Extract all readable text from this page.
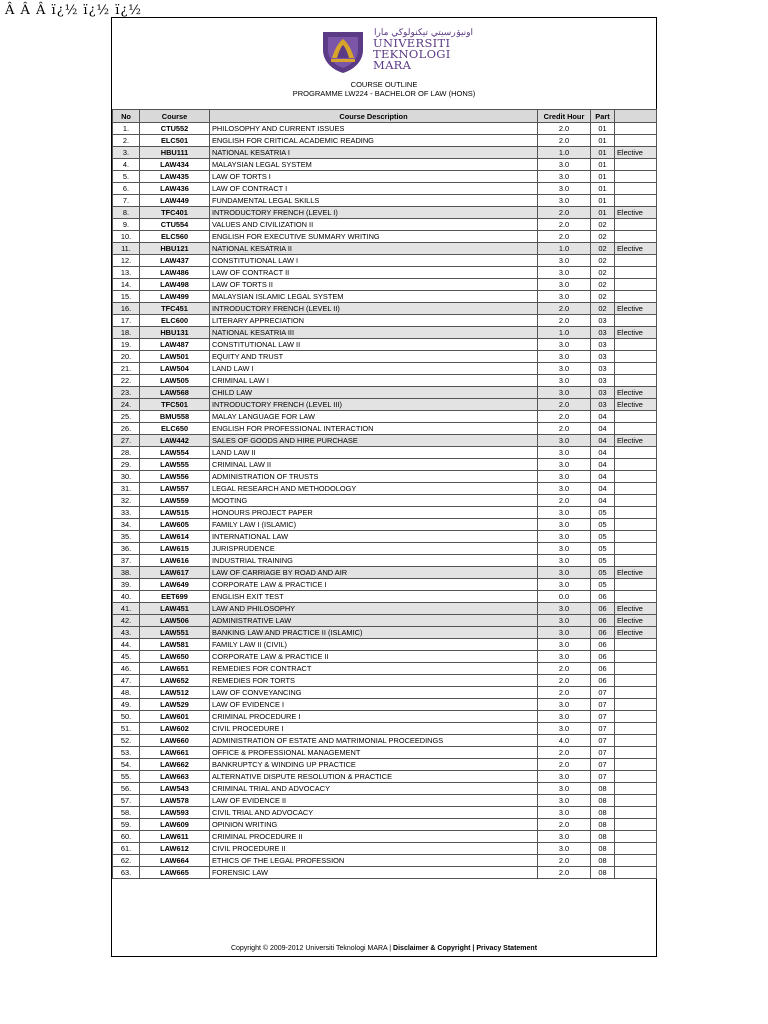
Â Â Â ï¿½ ï¿½ ï¿½
اونيۏرسيتي تيکنولوڬي مارا
UNIVERSITI
TEKNOLOGI
MARA
COURSE OUTLINE
PROGRAMME LW224 - BACHELOR OF LAW (HONS)
No	Course	Course Description	Credit Hour	Part	
1.	CTU552	PHILOSOPHY AND CURRENT ISSUES	2.0	01	
2.	ELC501	ENGLISH FOR CRITICAL ACADEMIC READING	2.0	01	
3.	HBU111	NATIONAL KESATRIA I	1.0	01	Elective
4.	LAW434	MALAYSIAN LEGAL SYSTEM	3.0	01	
5.	LAW435	LAW OF TORTS I	3.0	01	
6.	LAW436	LAW OF CONTRACT I	3.0	01	
7.	LAW449	FUNDAMENTAL LEGAL SKILLS	3.0	01	
8.	TFC401	INTRODUCTORY FRENCH (LEVEL I)	2.0	01	Elective
9.	CTU554	VALUES AND CIVILIZATION II	2.0	02	
10.	ELC560	ENGLISH FOR EXECUTIVE SUMMARY WRITING	2.0	02	
11.	HBU121	NATIONAL KESATRIA II	1.0	02	Elective
12.	LAW437	CONSTITUTIONAL LAW I	3.0	02	
13.	LAW486	LAW OF CONTRACT II	3.0	02	
14.	LAW498	LAW OF TORTS II	3.0	02	
15.	LAW499	MALAYSIAN ISLAMIC LEGAL SYSTEM	3.0	02	
16.	TFC451	INTRODUCTORY FRENCH (LEVEL II)	2.0	02	Elective
17.	ELC600	LITERARY APPRECIATION	2.0	03	
18.	HBU131	NATIONAL KESATRIA III	1.0	03	Elective
19.	LAW487	CONSTITUTIONAL LAW II	3.0	03	
20.	LAW501	EQUITY AND TRUST	3.0	03	
21.	LAW504	LAND LAW I	3.0	03	
22.	LAW505	CRIMINAL LAW I	3.0	03	
23.	LAW568	CHILD LAW	3.0	03	Elective
24.	TFC501	INTRODUCTORY FRENCH (LEVEL III)	2.0	03	Elective
25.	BMU558	MALAY LANGUAGE FOR LAW	2.0	04	
26.	ELC650	ENGLISH FOR PROFESSIONAL INTERACTION	2.0	04	
27.	LAW442	SALES OF GOODS AND HIRE PURCHASE	3.0	04	Elective
28.	LAW554	LAND LAW II	3.0	04	
29.	LAW555	CRIMINAL LAW II	3.0	04	
30.	LAW556	ADMINISTRATION OF TRUSTS	3.0	04	
31.	LAW557	LEGAL RESEARCH AND METHODOLOGY	3.0	04	
32.	LAW559	MOOTING	2.0	04	
33.	LAW515	HONOURS PROJECT PAPER	3.0	05	
34.	LAW605	FAMILY LAW I (ISLAMIC)	3.0	05	
35.	LAW614	INTERNATIONAL LAW	3.0	05	
36.	LAW615	JURISPRUDENCE	3.0	05	
37.	LAW616	INDUSTRIAL TRAINING	3.0	05	
38.	LAW617	LAW OF CARRIAGE BY ROAD AND AIR	3.0	05	Elective
39.	LAW649	CORPORATE LAW & PRACTICE I	3.0	05	
40.	EET699	ENGLISH EXIT TEST	0.0	06	
41.	LAW451	LAW AND PHILOSOPHY	3.0	06	Elective
42.	LAW506	ADMINISTRATIVE LAW	3.0	06	Elective
43.	LAW551	BANKING LAW AND PRACTICE II (ISLAMIC)	3.0	06	Elective
44.	LAW581	FAMILY LAW II (CIVIL)	3.0	06	
45.	LAW650	CORPORATE LAW & PRACTICE II	3.0	06	
46.	LAW651	REMEDIES FOR CONTRACT	2.0	06	
47.	LAW652	REMEDIES FOR TORTS	2.0	06	
48.	LAW512	LAW OF CONVEYANCING	2.0	07	
49.	LAW529	LAW OF EVIDENCE I	3.0	07	
50.	LAW601	CRIMINAL PROCEDURE I	3.0	07	
51.	LAW602	CIVIL PROCEDURE I	3.0	07	
52.	LAW660	ADMINISTRATION OF ESTATE AND MATRIMONIAL PROCEEDINGS	4.0	07	
53.	LAW661	OFFICE & PROFESSIONAL MANAGEMENT	2.0	07	
54.	LAW662	BANKRUPTCY & WINDING UP PRACTICE	2.0	07	
55.	LAW663	ALTERNATIVE DISPUTE RESOLUTION & PRACTICE	3.0	07	
56.	LAW543	CRIMINAL TRIAL AND ADVOCACY	3.0	08	
57.	LAW578	LAW OF EVIDENCE II	3.0	08	
58.	LAW593	CIVIL TRIAL AND ADVOCACY	3.0	08	
59.	LAW609	OPINION WRITING	2.0	08	
60.	LAW611	CRIMINAL PROCEDURE II	3.0	08	
61.	LAW612	CIVIL PROCEDURE II	3.0	08	
62.	LAW664	ETHICS OF THE LEGAL PROFESSION	2.0	08	
63.	LAW665	FORENSIC LAW	2.0	08	
Copyright © 2009-2012 Universiti Teknologi MARA | Disclaimer & Copyright | Privacy Statement
